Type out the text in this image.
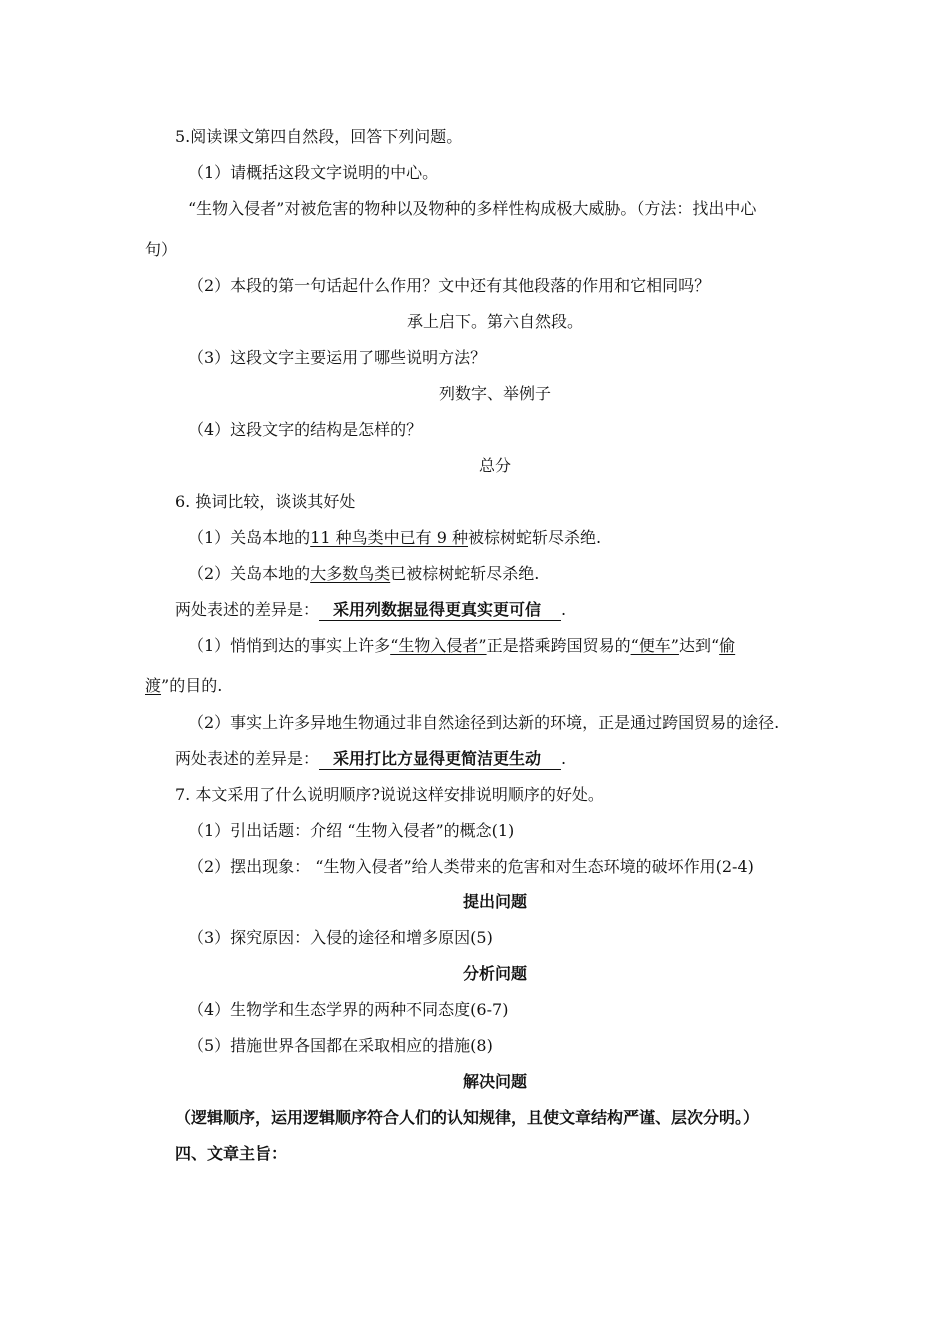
5.阅读课文第四自然段，回答下列问题。
（1）请概括这段文字说明的中心。
“生物入侵者”对被危害的物种以及物种的多样性构成极大威胁。（方法：找出中心
句）
（2）本段的第一句话起什么作用？文中还有其他段落的作用和它相同吗？
承上启下。第六自然段。
（3）这段文字主要运用了哪些说明方法？
列数字、举例子
（4）这段文字的结构是怎样的？
总分
6. 换词比较，谈谈其好处
（1）关岛本地的11 种鸟类中已有 9 种被棕树蛇斩尽杀绝.
（2）关岛本地的大多数鸟类已被棕树蛇斩尽杀绝.
两处表述的差异是： 采用列数据显得更真实更可信 .
（1）悄悄到达的事实上许多“生物入侵者”正是搭乘跨国贸易的“便车”达到“偷
渡”的目的.
（2）事实上许多异地生物通过非自然途径到达新的环境，正是通过跨国贸易的途径.
两处表述的差异是： 采用打比方显得更简洁更生动 .
7. 本文采用了什么说明顺序?说说这样安排说明顺序的好处。
（1）引出话题：介绍 “生物入侵者”的概念(1)
（2）摆出现象： “生物入侵者”给人类带来的危害和对生态环境的破坏作用(2-4)
提出问题
（3）探究原因：入侵的途径和增多原因(5)
分析问题
（4）生物学和生态学界的两种不同态度(6-7)
（5）措施世界各国都在采取相应的措施(8)
解决问题
（逻辑顺序，运用逻辑顺序符合人们的认知规律，且使文章结构严谨、层次分明。）
四、文章主旨：
